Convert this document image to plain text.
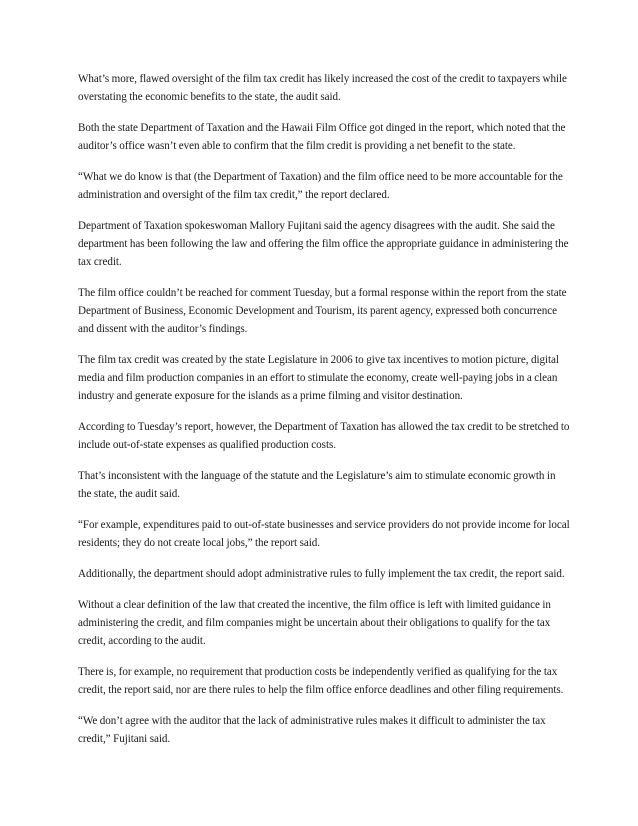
What’s more, flawed oversight of the film tax credit has likely increased the cost of the credit to taxpayers while overstating the economic benefits to the state, the audit said.

Both the state Department of Taxation and the Hawaii Film Office got dinged in the report, which noted that the auditor’s office wasn’t even able to confirm that the film credit is providing a net benefit to the state.

“What we do know is that (the Department of Taxation) and the film office need to be more accountable for the administration and oversight of the film tax credit,” the report declared.

Department of Taxation spokeswoman Mallory Fujitani said the agency disagrees with the audit. She said the department has been following the law and offering the film office the appropriate guidance in administering the tax credit.

The film office couldn’t be reached for comment Tuesday, but a formal response within the report from the state Department of Business, Economic Development and Tourism, its parent agency, expressed both concurrence and dissent with the auditor’s findings.

The film tax credit was created by the state Legislature in 2006 to give tax incentives to motion picture, digital media and film production companies in an effort to stimulate the economy, create well-paying jobs in a clean industry and generate exposure for the islands as a prime filming and visitor destination.

According to Tuesday’s report, however, the Department of Taxation has allowed the tax credit to be stretched to include out-of-state expenses as qualified production costs.

That’s inconsistent with the language of the statute and the Legislature’s aim to stimulate economic growth in the state, the audit said.

“For example, expenditures paid to out-of-state businesses and service providers do not provide income for local residents; they do not create local jobs,” the report said.

Additionally, the department should adopt administrative rules to fully implement the tax credit, the report said.

Without a clear definition of the law that created the incentive, the film office is left with limited guidance in administering the credit, and film companies might be uncertain about their obligations to qualify for the tax credit, according to the audit.

There is, for example, no requirement that production costs be independently verified as qualifying for the tax credit, the report said, nor are there rules to help the film office enforce deadlines and other filing requirements.

“We don’t agree with the auditor that the lack of administrative rules makes it difficult to administer the tax credit,” Fujitani said.
